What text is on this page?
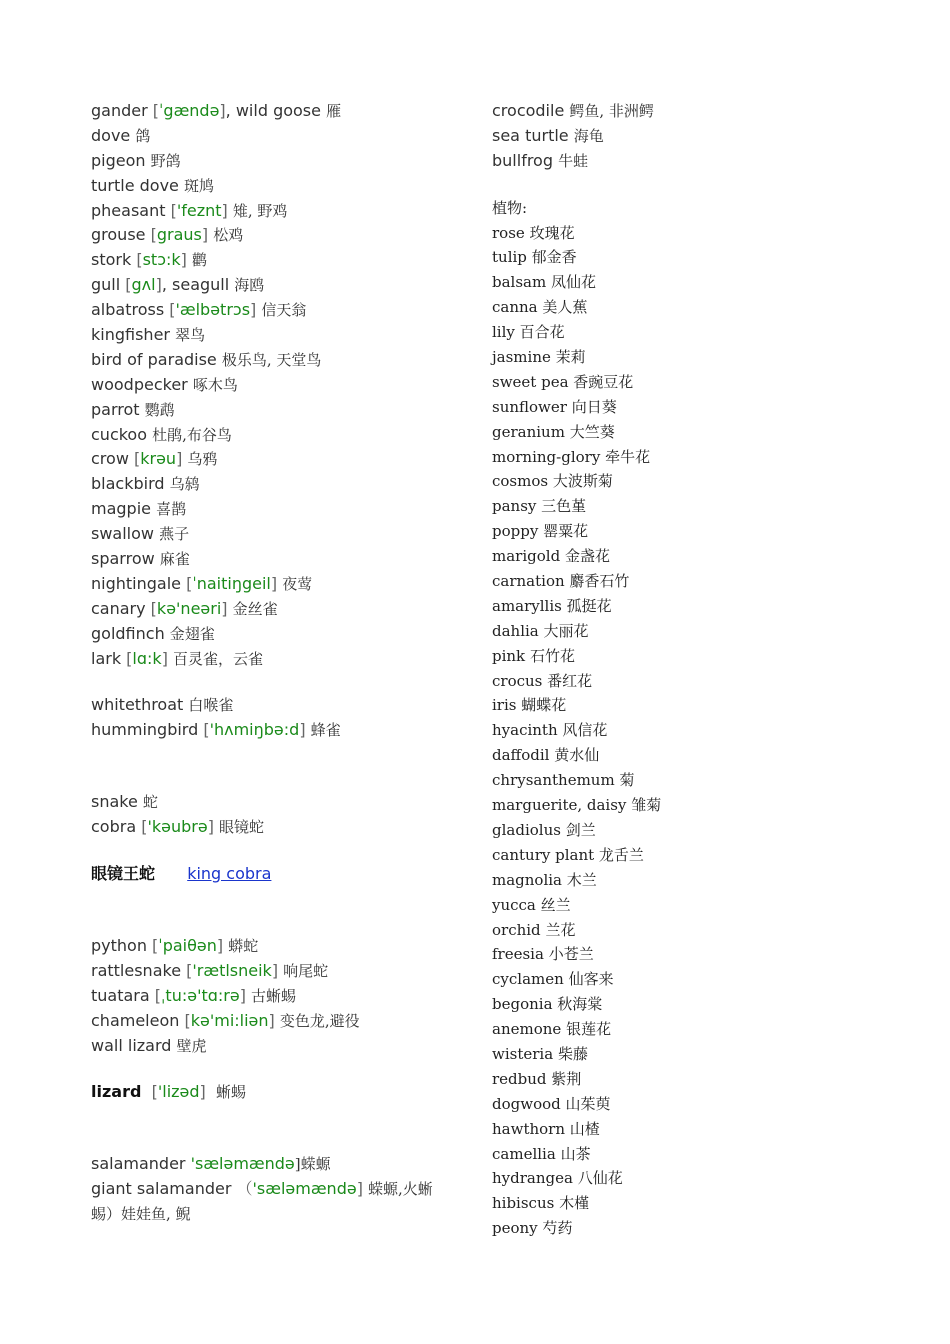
gander [ˈgændə], wild goose 雁
dove 鸽
pigeon 野鸽
turtle dove 斑鸠
pheasant ['feznt] 雉, 野鸡
grouse [graus] 松鸡
stork [stɔ:k] 鹳
gull [gʌl], seagull 海鸥
albatross ['ælbətrɔs] 信天翁
kingfisher 翠鸟
bird of paradise 极乐鸟, 天堂鸟
woodpecker 啄木鸟
parrot 鹦鹉
cuckoo 杜鹃,布谷鸟
crow [krəu] 乌鸦
blackbird 乌鸫
magpie 喜鹊
swallow 燕子
sparrow 麻雀
nightingale [ˈnaitiŋgeil] 夜莺
canary [kə'neəri] 金丝雀
goldfinch 金翅雀
lark [lɑ:k] 百灵雀，云雀
whitethroat 白喉雀
hummingbird ['hʌmiŋbə:d] 蜂雀
snake 蛇
cobra ['kəubrə] 眼镜蛇
眼镜王蛇 king cobra
python [ˈpaiθən] 蟒蛇
rattlesnake ['rætlsneik] 响尾蛇
tuatara [ˌtu:ə'tɑ:rə] 古蜥蜴
chameleon [kə'mi:liən] 变色龙,避役
wall lizard 壁虎
lizard  ['lizəd]  蜥蜴
salamander 'sæləmændə]蝾螈
giant salamander （'sæləmændə] 蝾螈,火蜥
蜴）娃娃鱼, 鲵
crocodile 鳄鱼, 非洲鳄
sea turtle 海龟
bullfrog 牛蛙
植物:
rose 玫瑰花
tulip 郁金香
balsam 凤仙花
canna 美人蕉
lily 百合花
jasmine 茉莉
sweet pea 香豌豆花
sunflower 向日葵
geranium 大竺葵
morning-glory 牵牛花
cosmos 大波斯菊
pansy 三色堇
poppy 罂粟花
marigold 金盏花
carnation 麝香石竹
amaryllis 孤挺花
dahlia 大丽花
pink 石竹花
crocus 番红花
iris 蝴蝶花
hyacinth 风信花
daffodil 黄水仙
chrysanthemum 菊
marguerite, daisy 雏菊
gladiolus 剑兰
cantury plant 龙舌兰
magnolia 木兰
yucca 丝兰
orchid 兰花
freesia 小苍兰
cyclamen 仙客来
begonia 秋海棠
anemone 银莲花
wisteria 柴藤
redbud 紫荆
dogwood 山茱萸
hawthorn 山楂
camellia 山茶
hydrangea 八仙花
hibiscus 木槿
peony 芍药
